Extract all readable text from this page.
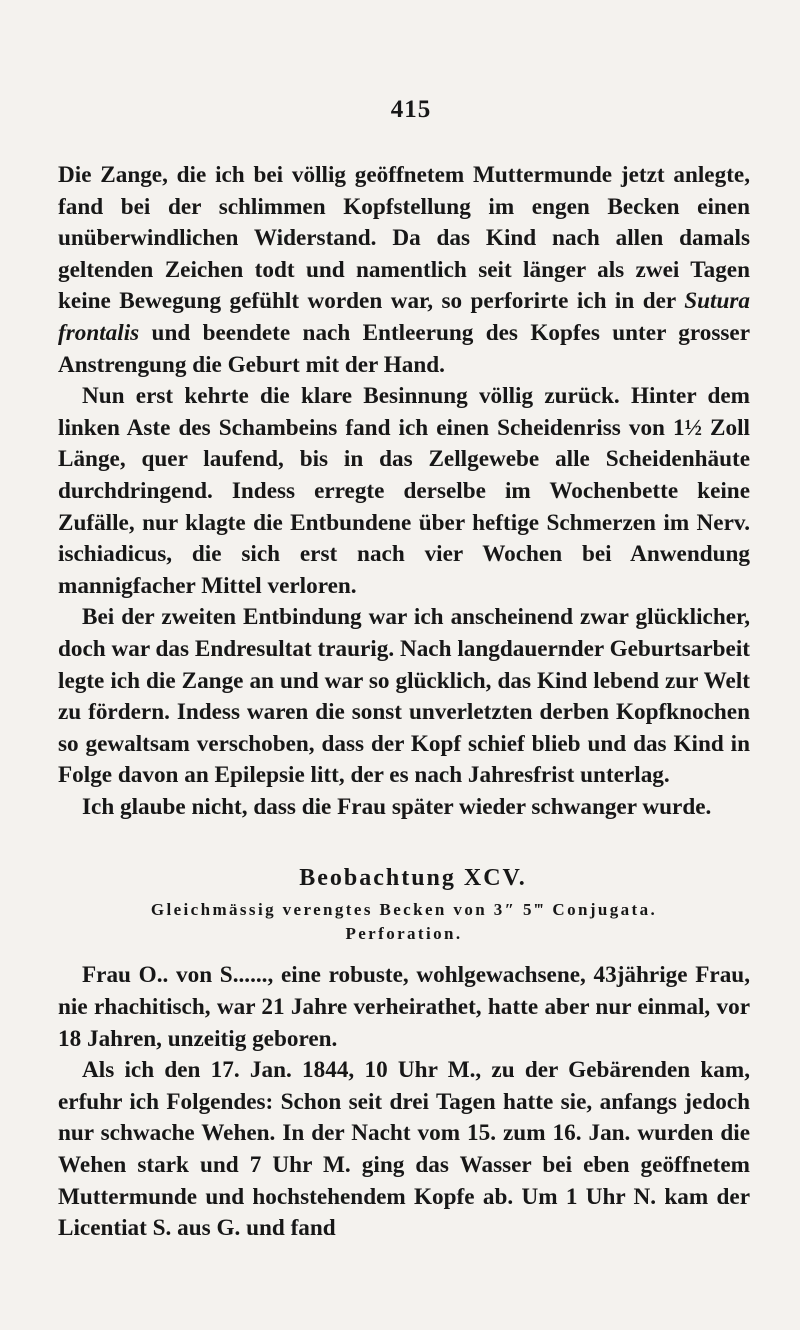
415

Die Zange, die ich bei völlig geöffnetem Muttermunde jetzt anlegte, fand bei der schlimmen Kopfstellung im engen Becken einen unüberwindlichen Widerstand. Da das Kind nach allen damals geltenden Zeichen todt und namentlich seit länger als zwei Tagen keine Bewegung gefühlt worden war, so perforirte ich in der Sutura frontalis und beendete nach Entleerung des Kopfes unter grosser Anstrengung die Geburt mit der Hand.

Nun erst kehrte die klare Besinnung völlig zurück. Hinter dem linken Aste des Schambeins fand ich einen Scheidenriss von 1½ Zoll Länge, quer laufend, bis in das Zellgewebe alle Scheidenhäute durchdringend. Indess erregte derselbe im Wochenbette keine Zufälle, nur klagte die Entbundene über heftige Schmerzen im Nerv. ischiadicus, die sich erst nach vier Wochen bei Anwendung mannigfacher Mittel verloren.

Bei der zweiten Entbindung war ich anscheinend zwar glücklicher, doch war das Endresultat traurig. Nach langdauernder Geburtsarbeit legte ich die Zange an und war so glücklich, das Kind lebend zur Welt zu fördern. Indess waren die sonst unverletzten derben Kopfknochen so gewaltsam verschoben, dass der Kopf schief blieb und das Kind in Folge davon an Epilepsie litt, der es nach Jahresfrist unterlag.

Ich glaube nicht, dass die Frau später wieder schwanger wurde.

Beobachtung XCV.
Gleichmässig verengtes Becken von 3″ 5‴ Conjugata.
Perforation.

Frau O.. von S......, eine robuste, wohlgewachsene, 43jährige Frau, nie rhachitisch, war 21 Jahre verheirathet, hatte aber nur einmal, vor 18 Jahren, unzeitig geboren.

Als ich den 17. Jan. 1844, 10 Uhr M., zu der Gebärenden kam, erfuhr ich Folgendes: Schon seit drei Tagen hatte sie, anfangs jedoch nur schwache Wehen. In der Nacht vom 15. zum 16. Jan. wurden die Wehen stark und 7 Uhr M. ging das Wasser bei eben geöffnetem Muttermunde und hochstehendem Kopfe ab. Um 1 Uhr N. kam der Licentiat S. aus G. und fand
